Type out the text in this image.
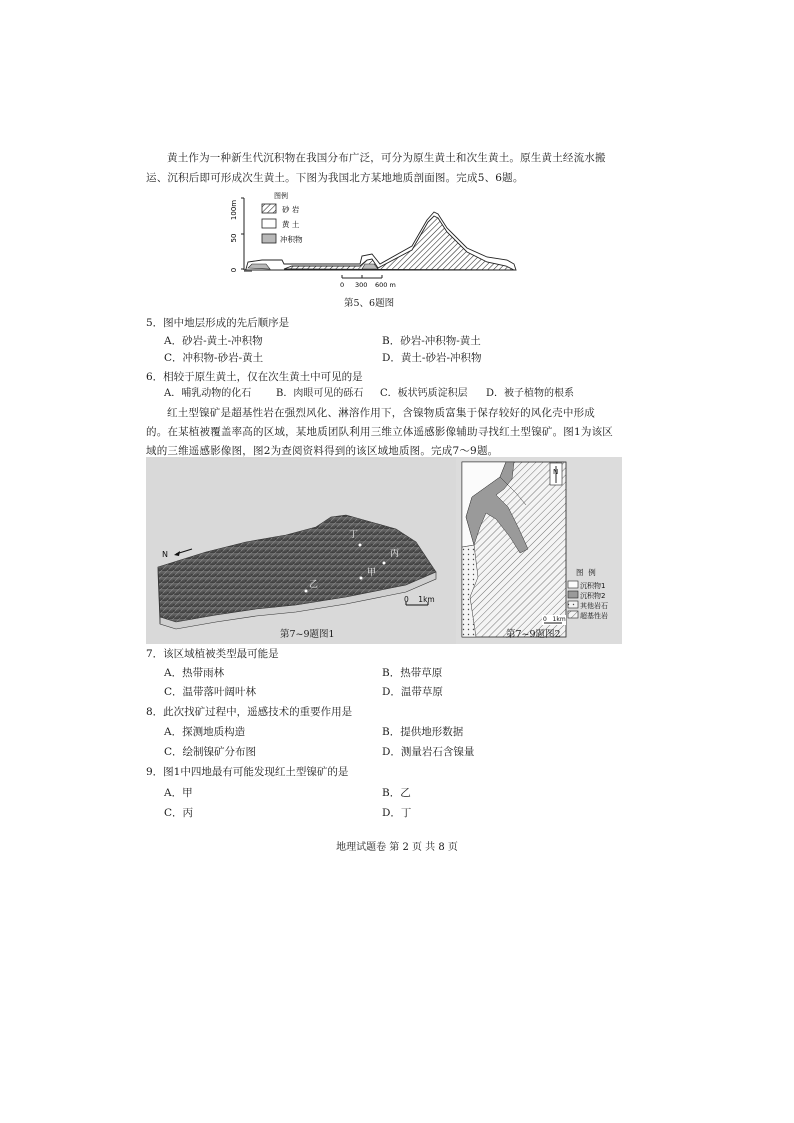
黄土作为一种新生代沉积物在我国分布广泛，可分为原生黄土和次生黄土。原生黄土经流水搬运、沉积后即可形成次生黄土。下图为我国北方某地地质剖面图。完成5、6题。
100m
50
0
图例
砂 岩
黄 土
冲积物
0 300 600 m
第5、6题图
5．图中地层形成的先后顺序是
A．砂岩-黄土-冲积物	B．砂岩-冲积物-黄土
C．冲积物-砂岩-黄土	D．黄土-砂岩-冲积物
6．相较于原生黄土，仅在次生黄土中可见的是
A．哺乳动物的化石 B．肉眼可见的砾石 C．板状钙质淀积层 D．被子植物的根系
红土型镍矿是超基性岩在强烈风化、淋溶作用下，含镍物质富集于保存较好的风化壳中形成的。在某植被覆盖率高的区域，某地质团队利用三维立体遥感影像辅助寻找红土型镍矿。图1为该区域的三维遥感影像图，图2为查阅资料得到的该区域地质图。完成7～9题。
N
丁
丙
甲
乙
0    1km
第7~9题图1
N
图  例
沉积物1
沉积物2
其他岩石
超基性岩
0   1km
第7~9题图2
7．该区域植被类型最可能是
A．热带雨林	B．热带草原
C．温带落叶阔叶林	D．温带草原
8．此次找矿过程中，遥感技术的重要作用是
A．探测地质构造	B．提供地形数据
C．绘制镍矿分布图	D．测量岩石含镍量
9．图1中四地最有可能发现红土型镍矿的是
A．甲	B．乙
C．丙	D．丁
地理试题卷 第 2 页 共 8 页
